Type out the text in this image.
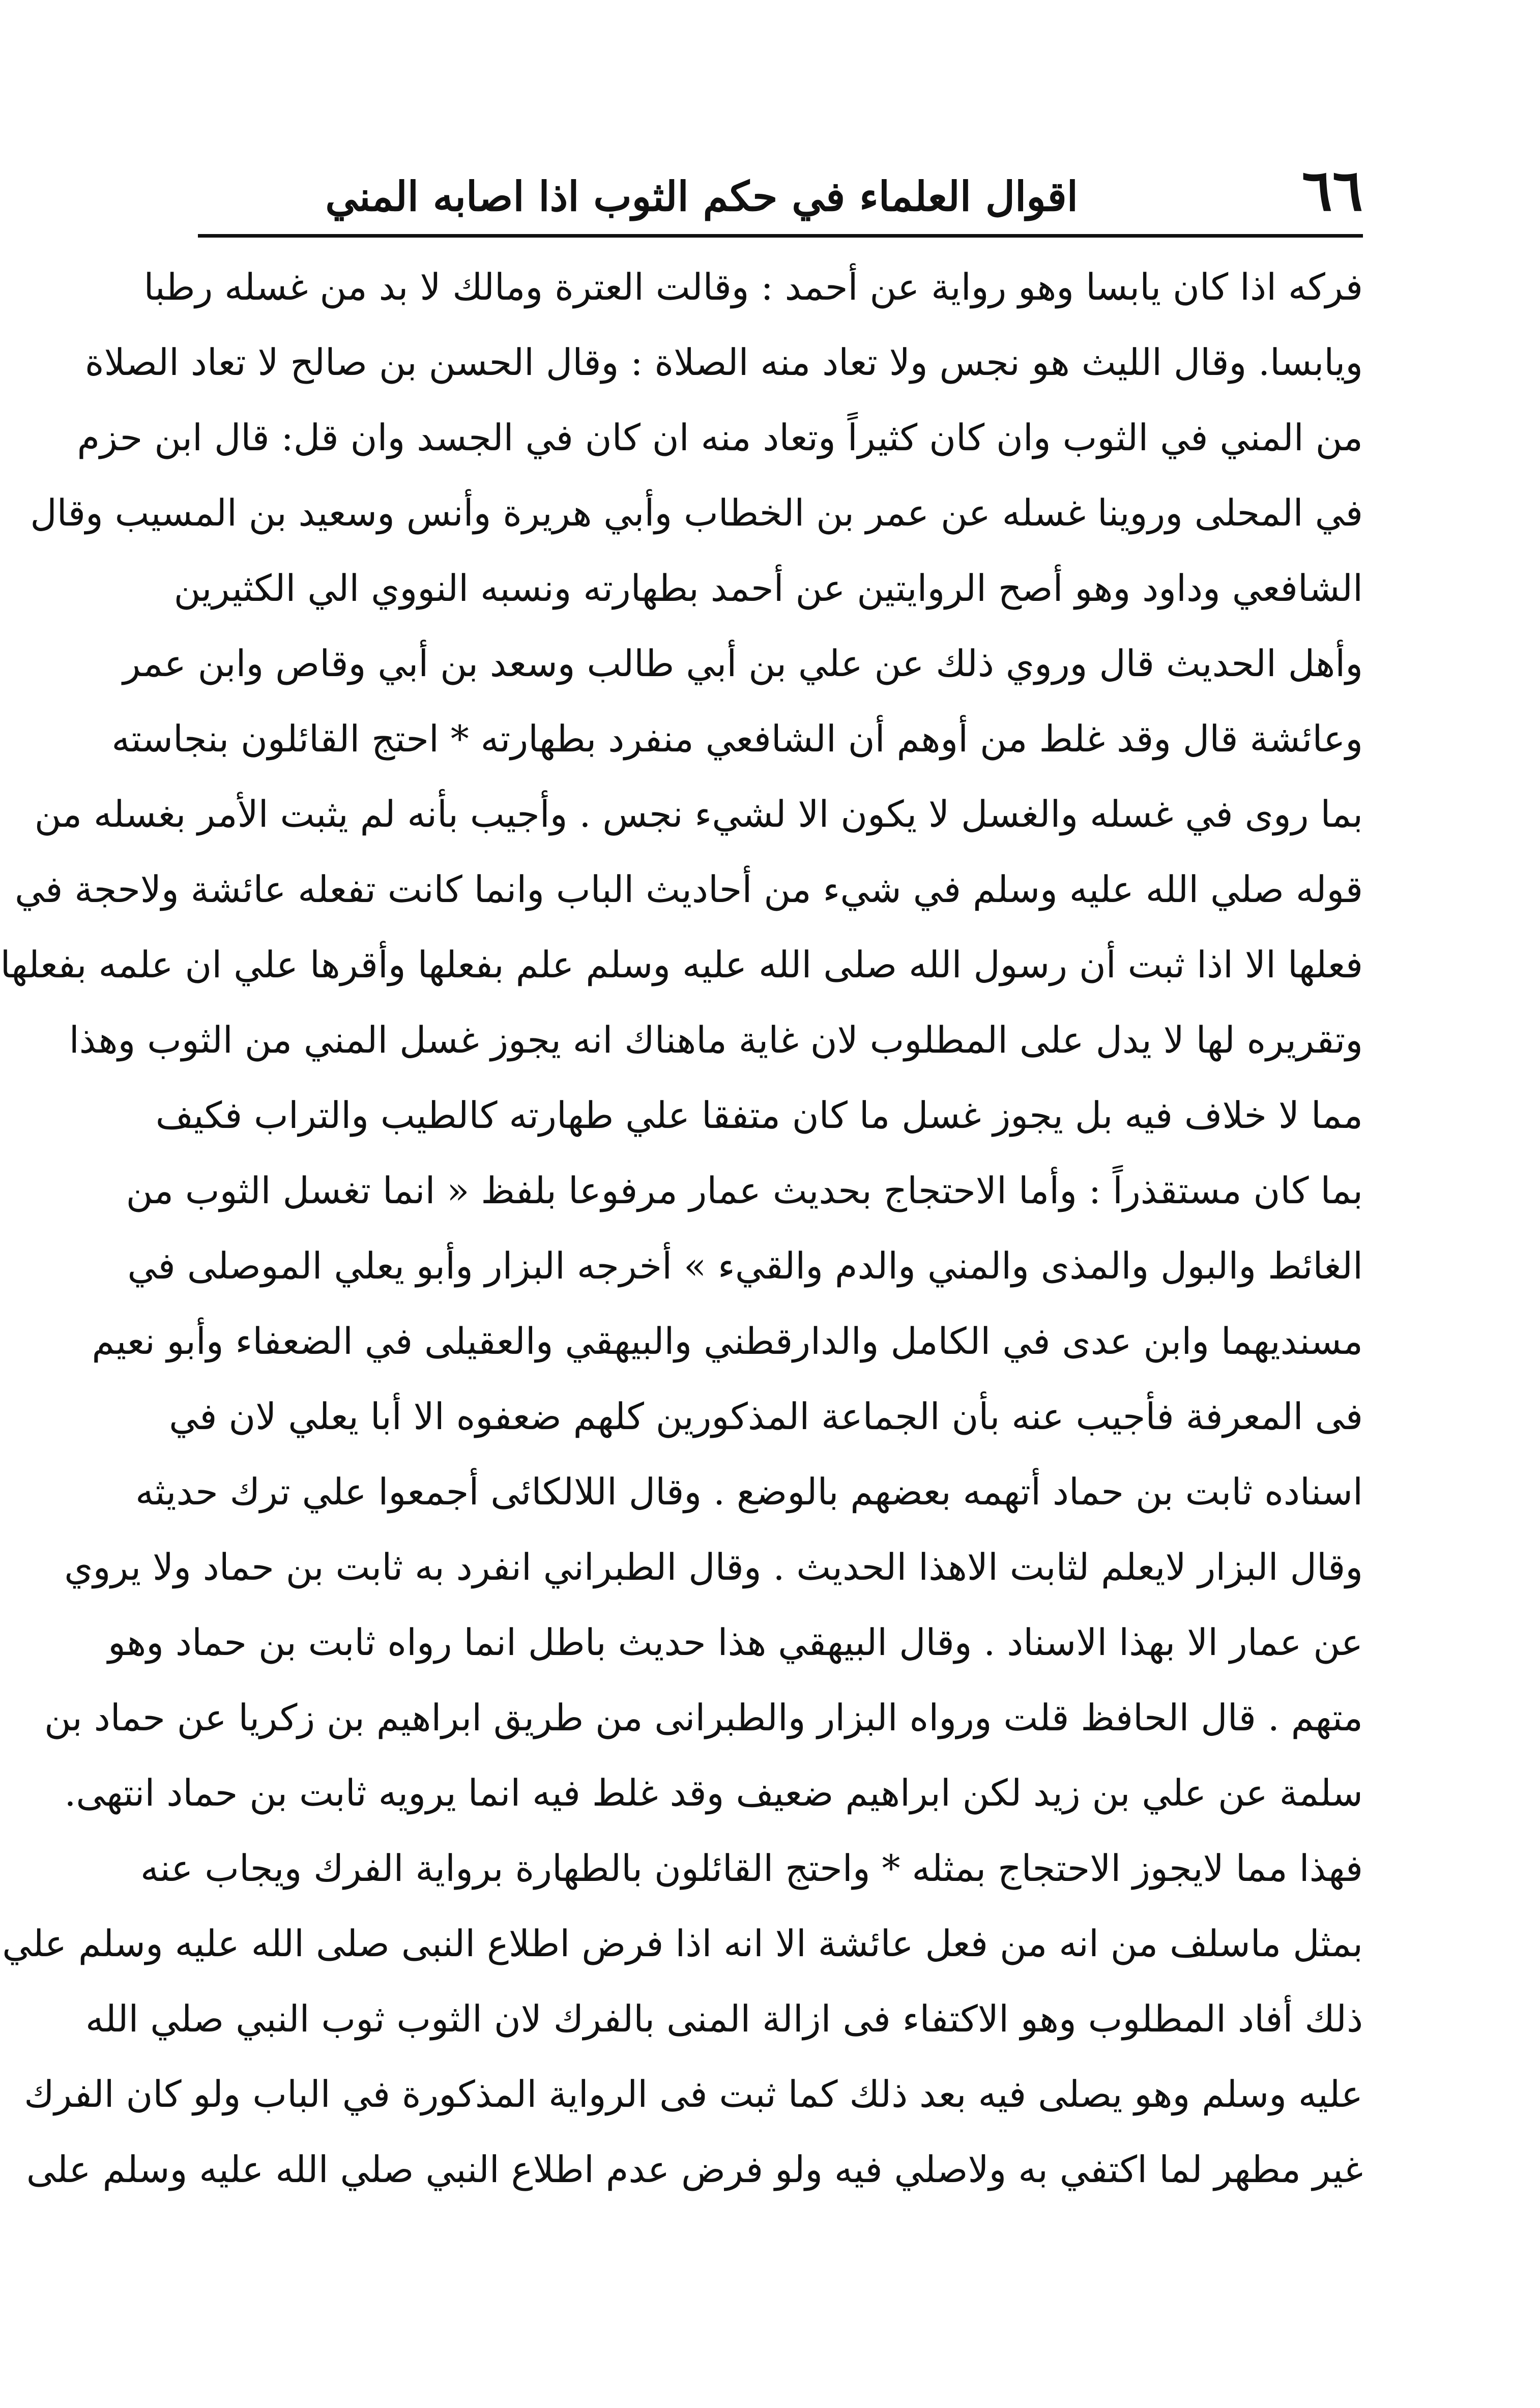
٦٦
اقوال العلماء في حكم الثوب اذا اصابه المني
فركه اذا كان يابسا وهو رواية عن أحمد : وقالت العترة ومالك لا بد من غسله رطبا
ويابسا. وقال الليث هو نجس ولا تعاد منه الصلاة : وقال الحسن بن صالح لا تعاد الصلاة
من المني في الثوب وان كان كثيراً وتعاد منه ان كان في الجسد وان قل: قال ابن حزم
في المحلى وروينا غسله عن عمر بن الخطاب وأبي هريرة وأنس وسعيد بن المسيب وقال
الشافعي وداود وهو أصح الروايتين عن أحمد بطهارته ونسبه النووي الي الكثيرين
وأهل الحديث قال وروي ذلك عن علي بن أبي طالب وسعد بن أبي وقاص وابن عمر
وعائشة قال وقد غلط من أوهم أن الشافعي منفرد بطهارته * احتج القائلون بنجاسته
بما روى في غسله والغسل لا يكون الا لشيء نجس . وأجيب بأنه لم يثبت الأمر بغسله من
قوله صلي الله عليه وسلم في شيء من أحاديث الباب وانما كانت تفعله عائشة ولاحجة في
فعلها الا اذا ثبت أن رسول الله صلى الله عليه وسلم علم بفعلها وأقرها علي ان علمه بفعلها
وتقريره لها لا يدل على المطلوب لان غاية ماهناك انه يجوز غسل المني من الثوب وهذا
مما لا خلاف فيه بل يجوز غسل ما كان متفقا علي طهارته كالطيب والتراب فكيف
بما كان مستقذراً : وأما الاحتجاج بحديث عمار مرفوعا بلفظ « انما تغسل الثوب من
الغائط والبول والمذى والمني والدم والقيء » أخرجه البزار وأبو يعلي الموصلى في
مسنديهما وابن عدى في الكامل والدارقطني والبيهقي والعقيلى في الضعفاء وأبو نعيم
فى المعرفة فأجيب عنه بأن الجماعة المذكورين كلهم ضعفوه الا أبا يعلي لان في
اسناده ثابت بن حماد أتهمه بعضهم بالوضع . وقال اللالكائى أجمعوا علي ترك حديثه
وقال البزار لايعلم لثابت الاهذا الحديث . وقال الطبراني انفرد به ثابت بن حماد ولا يروي
عن عمار الا بهذا الاسناد . وقال البيهقي هذا حديث باطل انما رواه ثابت بن حماد وهو
متهم . قال الحافظ قلت ورواه البزار والطبرانى من طريق ابراهيم بن زكريا عن حماد بن
سلمة عن علي بن زيد لكن ابراهيم ضعيف وقد غلط فيه انما يرويه ثابت بن حماد انتهى.
فهذا مما لايجوز الاحتجاج بمثله * واحتج القائلون بالطهارة برواية الفرك ويجاب عنه
بمثل ماسلف من انه من فعل عائشة الا انه اذا فرض اطلاع النبى صلى الله عليه وسلم علي
ذلك أفاد المطلوب وهو الاكتفاء فى ازالة المنى بالفرك لان الثوب ثوب النبي صلي الله
عليه وسلم وهو يصلى فيه بعد ذلك كما ثبت فى الرواية المذكورة في الباب ولو كان الفرك
غير مطهر لما اكتفي به ولاصلي فيه ولو فرض عدم اطلاع النبي صلي الله عليه وسلم على
